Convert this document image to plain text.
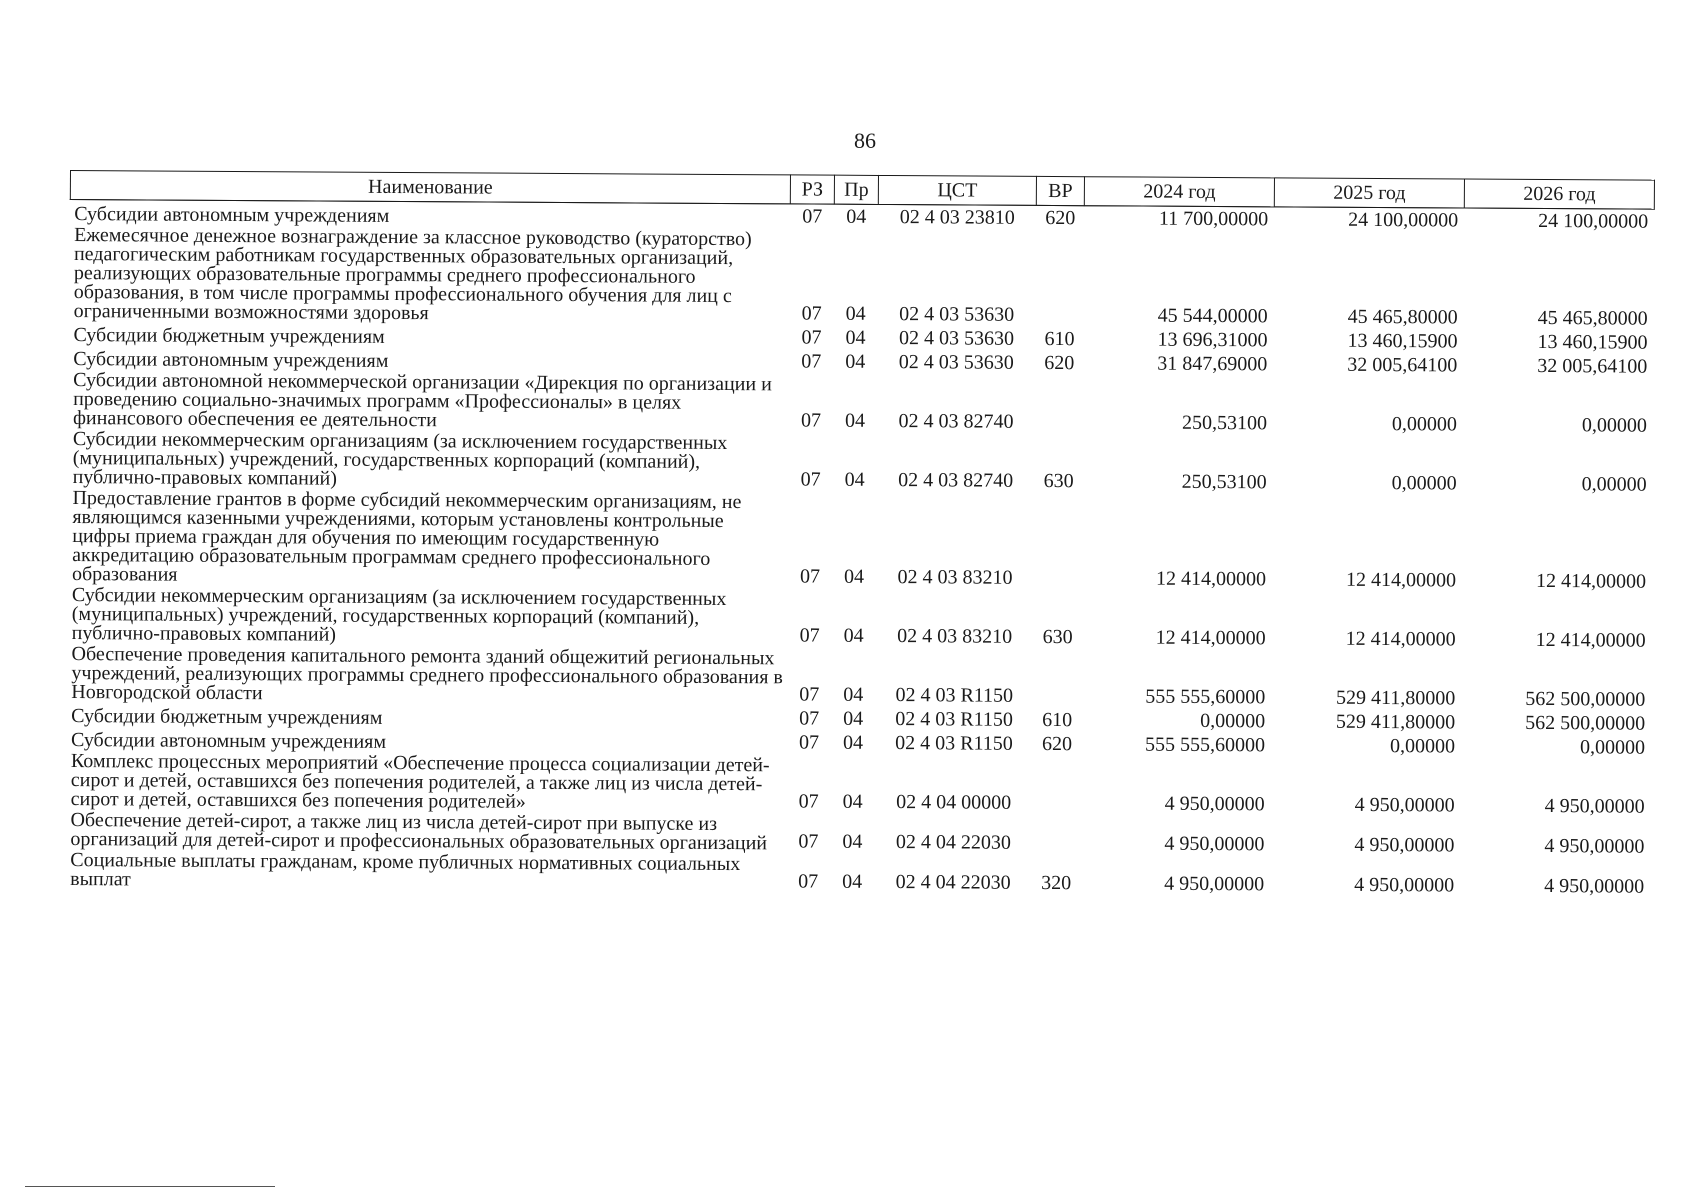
86
Наименование	РЗ	Пр	ЦСТ	ВР	2024 год	2025 год	2026 год
Субсидии автономным учреждениям	07	04	02 4 03 23810	620	11 700,00000	24 100,00000	24 100,00000
Ежемесячное денежное вознаграждение за классное руководство (кураторство) педагогическим работникам государственных образовательных организаций, реализующих образовательные программы среднего профессионального образования, в том числе программы профессионального обучения для лиц с ограниченными возможностями здоровья	07	04	02 4 03 53630		45 544,00000	45 465,80000	45 465,80000
Субсидии бюджетным учреждениям	07	04	02 4 03 53630	610	13 696,31000	13 460,15900	13 460,15900
Субсидии автономным учреждениям	07	04	02 4 03 53630	620	31 847,69000	32 005,64100	32 005,64100
Субсидии автономной некоммерческой организации «Дирекция по организации и проведению социально-значимых программ «Профессионалы» в целях финансового обеспечения ее деятельности	07	04	02 4 03 82740		250,53100	0,00000	0,00000
Субсидии некоммерческим организациям (за исключением государственных (муниципальных) учреждений, государственных корпораций (компаний), публично-правовых компаний)	07	04	02 4 03 82740	630	250,53100	0,00000	0,00000
Предоставление грантов в форме субсидий некоммерческим организациям, не являющимся казенными учреждениями, которым установлены контрольные цифры приема граждан для обучения по имеющим государственную аккредитацию образовательным программам среднего профессионального образования	07	04	02 4 03 83210		12 414,00000	12 414,00000	12 414,00000
Субсидии некоммерческим организациям (за исключением государственных (муниципальных) учреждений, государственных корпораций (компаний), публично-правовых компаний)	07	04	02 4 03 83210	630	12 414,00000	12 414,00000	12 414,00000
Обеспечение проведения капитального ремонта зданий общежитий региональных учреждений, реализующих программы среднего профессионального образования в Новгородской области	07	04	02 4 03 R1150		555 555,60000	529 411,80000	562 500,00000
Субсидии бюджетным учреждениям	07	04	02 4 03 R1150	610	0,00000	529 411,80000	562 500,00000
Субсидии автономным учреждениям	07	04	02 4 03 R1150	620	555 555,60000	0,00000	0,00000
Комплекс процессных мероприятий «Обеспечение процесса социализации детей-сирот и детей, оставшихся без попечения родителей, а также лиц из числа детей-сирот и детей, оставшихся без попечения родителей»	07	04	02 4 04 00000		4 950,00000	4 950,00000	4 950,00000
Обеспечение детей-сирот, а также лиц из числа детей-сирот при выпуске из организаций для детей-сирот и профессиональных образовательных организаций	07	04	02 4 04 22030		4 950,00000	4 950,00000	4 950,00000
Социальные выплаты гражданам, кроме публичных нормативных социальных выплат	07	04	02 4 04 22030	320	4 950,00000	4 950,00000	4 950,00000
